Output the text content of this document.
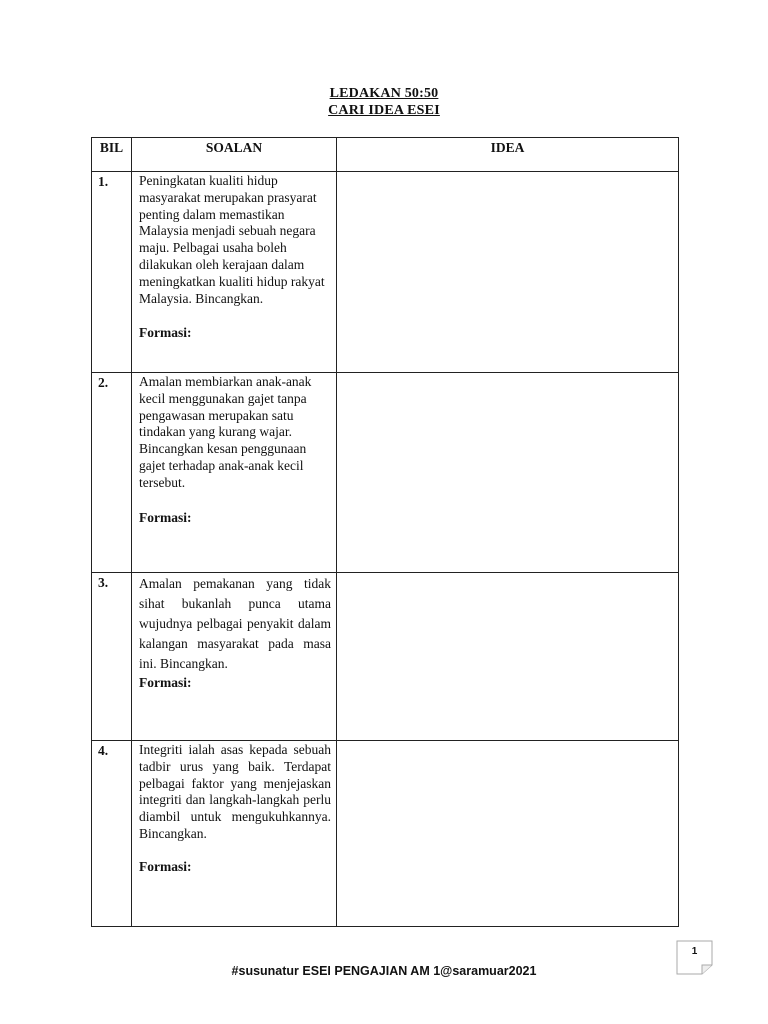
LEDAKAN 50:50
CARI IDEA ESEI
BIL	SOALAN	IDEA
1.	Peningkatan kualiti hidup masyarakat merupakan prasyarat penting dalam memastikan Malaysia menjadi sebuah negara maju. Pelbagai usaha boleh dilakukan oleh kerajaan dalam meningkatkan kualiti hidup rakyat Malaysia. Bincangkan.

Formasi:	

2.	Amalan membiarkan anak-anak kecil menggunakan gajet tanpa pengawasan merupakan satu tindakan yang kurang wajar. Bincangkan kesan penggunaan gajet terhadap anak-anak kecil tersebut.

Formasi:	

3.	Amalan pemakanan yang tidak sihat bukanlah punca utama wujudnya pelbagai penyakit dalam kalangan masyarakat pada masa ini. Bincangkan.

Formasi:	

4.	Integriti ialah asas kepada sebuah tadbir urus yang baik. Terdapat pelbagai faktor yang menjejaskan integriti dan langkah-langkah perlu diambil untuk mengukuhkannya. Bincangkan.

Formasi:	

1
#susunatur ESEI PENGAJIAN AM 1@saramuar2021
